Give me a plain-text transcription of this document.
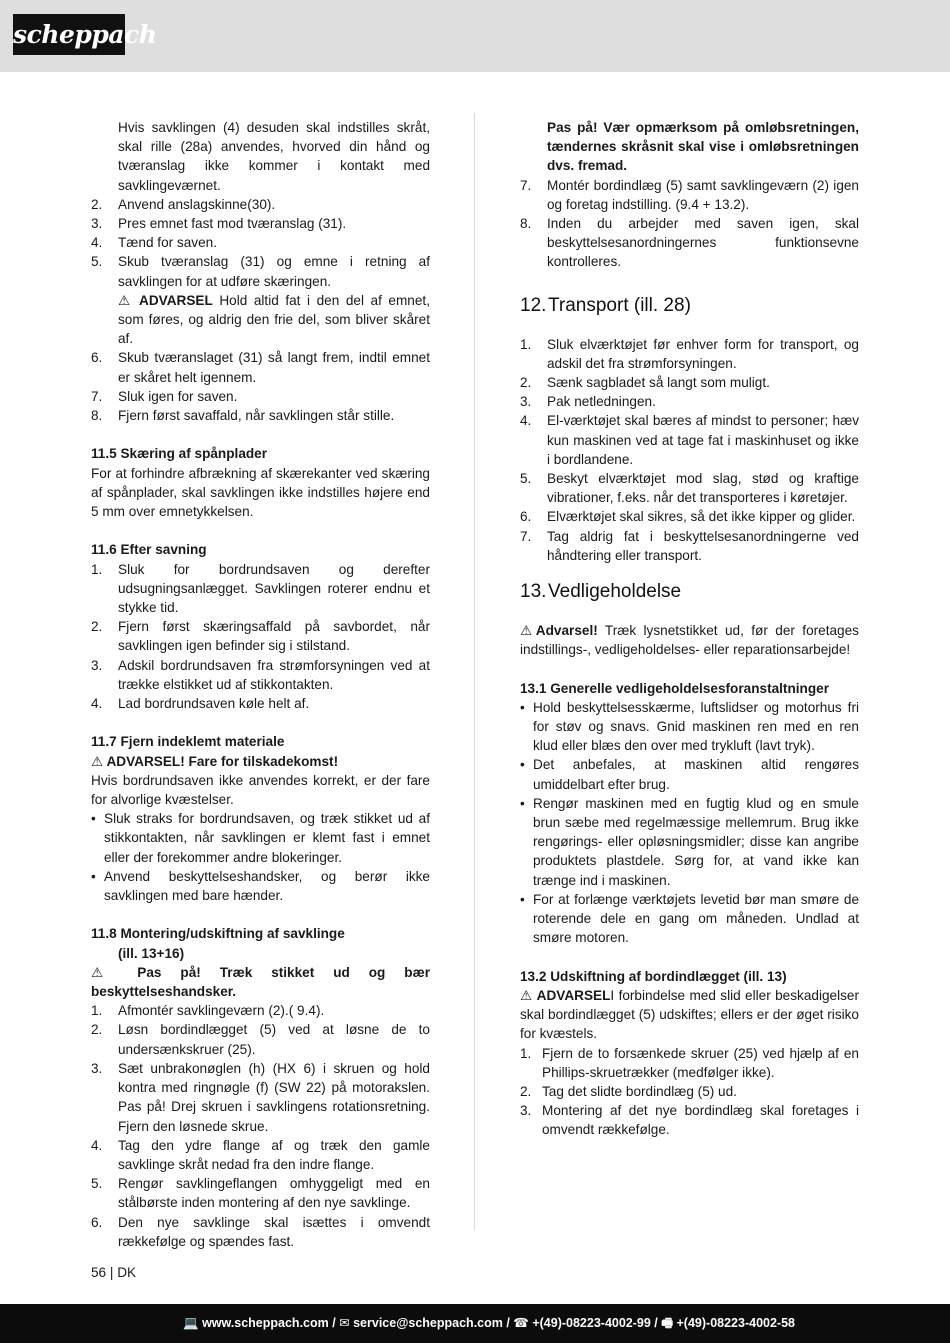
scheppach

Hvis savklingen (4) desuden skal indstilles skråt, skal rille (28a) anvendes, hvorved din hånd og tværanslag ikke kommer i kontakt med savklingeværnet.

2. Anvend anslagskinne(30).
3. Pres emnet fast mod tværanslag (31).
4. Tænd for saven.
5. Skub tværanslag (31) og emne i retning af savklingen for at udføre skæringen.

⚠ ADVARSEL Hold altid fat i den del af emnet, som føres, og aldrig den frie del, som bliver skåret af.

6. Skub tværanslaget (31) så langt frem, indtil emnet er skåret helt igennem.
7. Sluk igen for saven.
8. Fjern først savaffald, når savklingen står stille.
11.5 Skæring af spånplader

For at forhindre afbrækning af skærekanter ved skæring af spånplader, skal savklingen ikke indstilles højere end 5 mm over emnetykkelsen.

11.6 Efter savning
1. Sluk for bordrundsaven og derefter udsugningsanlægget. Savklingen roterer endnu et stykke tid.
2. Fjern først skæringsaffald på savbordet, når savklingen igen befinder sig i stilstand.
3. Adskil bordrundsaven fra strømforsyningen ved at trække elstikket ud af stikkontakten.
4. Lad bordrundsaven køle helt af.
11.7 Fjern indeklemt materiale
⚠ ADVARSEL! Fare for tilskadekomst!

Hvis bordrundsaven ikke anvendes korrekt, er der fare for alvorlige kvæstelser.

• Sluk straks for bordrundsaven, og træk stikket ud af stikkontakten, når savklingen er klemt fast i emnet eller der forekommer andre blokeringer.
• Anvend beskyttelseshandsker, og berør ikke savklingen med bare hænder.
11.8 Montering/udskiftning af savklinge
(ill. 13+16)

⚠ Pas på! Træk stikket ud og bær beskyttelseshandsker.

1. Afmontér savklingeværn (2).( 9.4).
2. Løsn bordindlægget (5) ved at løsne de to undersænkskruer (25).
3. Sæt unbrakonøglen (h) (HX 6) i skruen og hold kontra med ringnøgle (f) (SW 22) på motorakslen. Pas på! Drej skruen i savklingens rotationsretning. Fjern den løsnede skrue.
4. Tag den ydre flange af og træk den gamle savklinge skråt nedad fra den indre flange.
5. Rengør savklingeflangen omhyggeligt med en stålbørste inden montering af den nye savklinge.
6. Den nye savklinge skal isættes i omvendt rækkefølge og spændes fast.

Pas på! Vær opmærksom på omløbsretningen, tændernes skråsnit skal vise i omløbsretningen dvs. fremad.

7. Montér bordindlæg (5) samt savklingeværn (2) igen og foretag indstilling. (9.4 + 13.2).
8. Inden du arbejder med saven igen, skal beskyttelsesanordningernes funktionsevne kontrolleres.
12.Transport (ill. 28)
1. Sluk elværktøjet før enhver form for transport, og adskil det fra strømforsyningen.
2. Sænk sagbladet så langt som muligt.
3. Pak netledningen.
4. El-værktøjet skal bæres af mindst to personer; hæv kun maskinen ved at tage fat i maskinhuset og ikke i bordlandene.
5. Beskyt elværktøjet mod slag, stød og kraftige vibrationer, f.eks. når det transporteres i køretøjer.
6. Elværktøjet skal sikres, så det ikke kipper og glider.
7. Tag aldrig fat i beskyttelsesanordningerne ved håndtering eller transport.
13.Vedligeholdelse

⚠Advarsel! Træk lysnetstikket ud, før der foretages indstillings-, vedligeholdelses- eller reparationsarbejde!

13.1 Generelle vedligeholdelsesforanstaltninger
• Hold beskyttelsesskærme, luftslidser og motorhus fri for støv og snavs. Gnid maskinen ren med en ren klud eller blæs den over med trykluft (lavt tryk).
• Det anbefales, at maskinen altid rengøres umiddelbart efter brug.
• Rengør maskinen med en fugtig klud og en smule brun sæbe med regelmæssige mellemrum. Brug ikke rengørings- eller opløsningsmidler; disse kan angribe produktets plastdele. Sørg for, at vand ikke kan trænge ind i maskinen.
• For at forlænge værktøjets levetid bør man smøre de roterende dele en gang om måneden. Undlad at smøre motoren.
13.2 Udskiftning af bordindlægget (ill. 13)

⚠ ADVARSELI forbindelse med slid eller beskadigelser skal bordindlægget (5) udskiftes; ellers er der øget risiko for kvæstels.

1. Fjern de to forsænkede skruer (25) ved hjælp af en Phillips-skruetrækker (medfølger ikke).
2. Tag det slidte bordindlæg (5) ud.
3. Montering af det nye bordindlæg skal foretages i omvendt rækkefølge.
56 | DK
💻 www.scheppach.com / ✉ service@scheppach.com / ☎ +(49)-08223-4002-99 / 🖷 +(49)-08223-4002-58
